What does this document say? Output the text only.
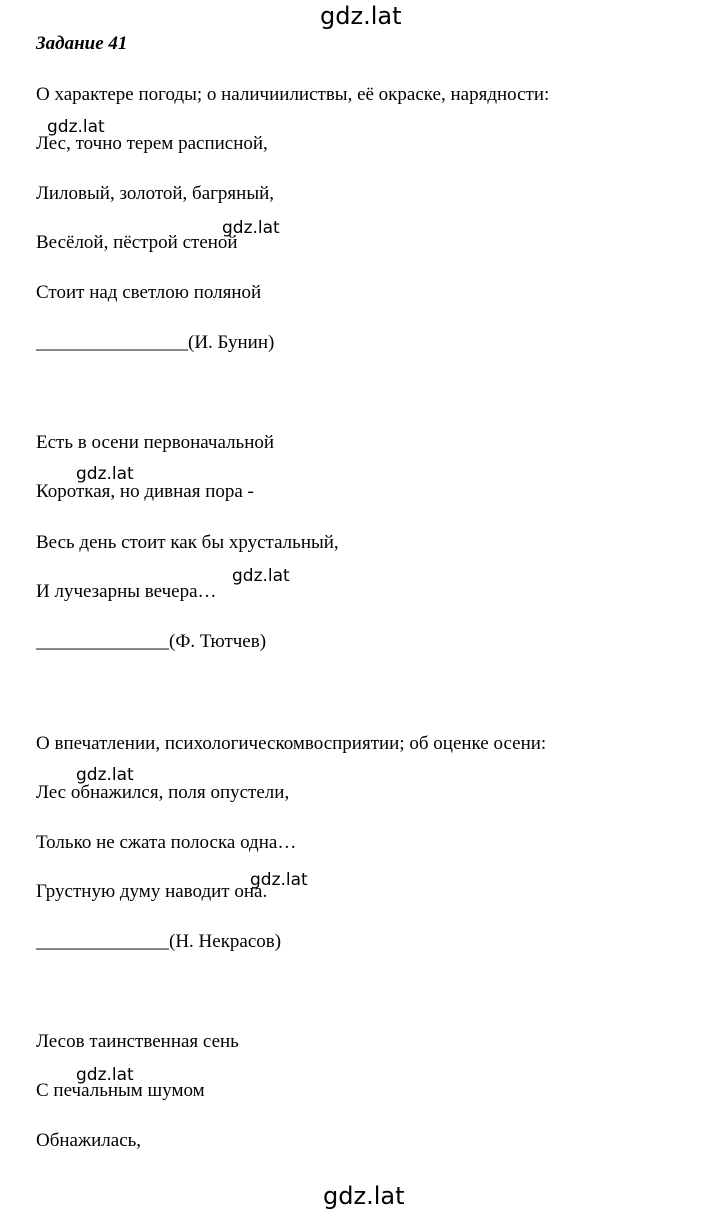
gdz.lat
Задание 41
О характере погоды; о наличиилиствы, её окраске, нарядности:
gdz.lat
Лес, точно терем расписной,
Лиловый, золотой, багряный,
gdz.lat
Весёлой, пёстрой стеной
Стоит над светлою поляной
________________(И. Бунин)
Есть в осени первоначальной
gdz.lat
Короткая, но дивная пора -
Весь день стоит как бы хрустальный,
gdz.lat
И лучезарны вечера…
______________(Ф. Тютчев)
О впечатлении, психологическомвосприятии; об оценке осени:
gdz.lat
Лес обнажился, поля опустели,
Только не сжата полоска одна…
gdz.lat
Грустную думу наводит она.
______________(Н. Некрасов)
Лесов таинственная сень
gdz.lat
С печальным шумом
Обнажилась,
gdz.lat
